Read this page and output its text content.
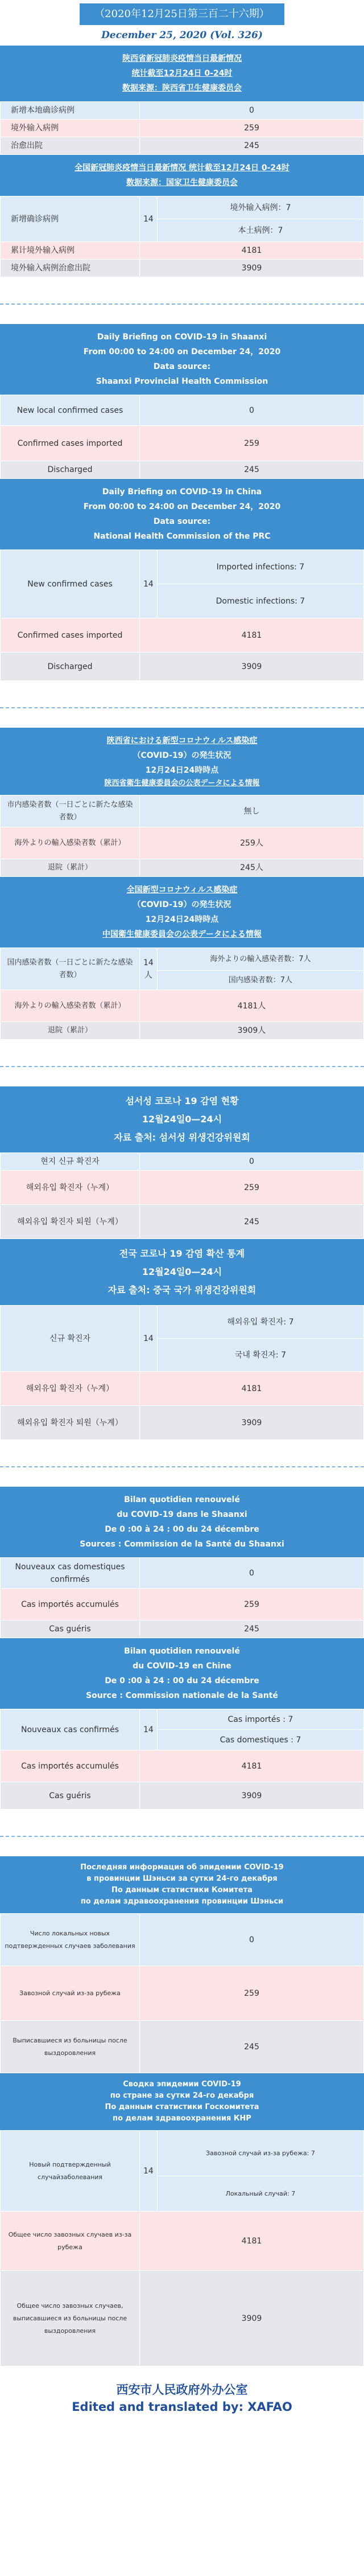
（2020年12月25日第三百二十六期）
December 25, 2020 (Vol. 326)
陕西省新冠肺炎疫情当日最新情况
统计截至12月24日 0-24时
数据来源：陕西省卫生健康委员会
新增本地确诊病例	0
境外输入病例	259
治愈出院	245
全国新冠肺炎疫情当日最新情况 统计截至12月24日 0-24时
数据来源：国家卫生健康委员会
新增确诊病例	14	境外输入病例：7
		本土病例：7
累计境外输入病例	4181	
境外输入病例治愈出院	3909	
Daily Briefing on COVID-19 in Shaanxi
From 00:00 to 24:00 on December 24，2020
Data source:
Shaanxi Provincial Health Commission
New local confirmed cases	0
Confirmed cases imported	259
Discharged	245
Daily Briefing on COVID-19 in China
From 00:00 to 24:00 on December 24，2020
Data source:
National Health Commission of the PRC
New confirmed cases	14	Imported infections: 7
		Domestic infections: 7
Confirmed cases imported	4181	
Discharged	3909	
陝西省における新型コロナウィルス感染症
（COVID-19）の発生状況
12月24日24時時点
陝西省衛生健康委員会の公表データによる情報
市内感染者数（一日ごとに新たな感染者数）	無し
海外よりの輸入感染者数（累計）	259人
退院（累計）	245人
全国新型コロナウィルス感染症
（COVID-19）の発生状況
12月24日24時時点
中国衛生健康委員会の公表データによる情報
国内感染者数（一日ごとに新たな感染者数）	14人	海外よりの輸入感染者数：7人
		国内感染者数：7人
海外よりの輸入感染者数（累計）	4181人	
退院（累計）	3909人	
섬서성 코로나 19 감염 현황
12월24일0—24시
자료 출처: 섬서성 위생건강위원회
현지 신규 확진자	0
해외유입 확진자（누계）	259
해외유입 확진자 퇴원（누계）	245
전국 코로나 19 감염 확산 통계
12월24일0—24시
자료 출처: 중국 국가 위생건강위원회
신규 확진자	14	해외유입 확진자: 7
		국내 확진자: 7
해외유입 확진자（누계）	4181	
해외유입 확진자 퇴원（누계）	3909	
Bilan quotidien renouvelé
du COVID-19 dans le Shaanxi
De 0 :00 à 24 : 00 du 24 décembre
Sources : Commission de la Santé du Shaanxi
Nouveaux cas domestiques confirmés	0
Cas importés accumulés	259
Cas guéris	245
Bilan quotidien renouvelé
du COVID-19 en Chine
De 0 :00 à 24 : 00 du 24 décembre
Source : Commission nationale de la Santé
Nouveaux cas confirmés	14	Cas importés : 7
		Cas domestiques : 7
Cas importés accumulés	4181	
Cas guéris	3909	
Последняя информация об эпидемии COVID-19
в провинции Шэньси за сутки 24-го декабря
По данным статистики Комитета
по делам здравоохранения провинции Шэньси
Число локальных новых подтвержденных случаев заболевания	0
Завозной случай из-за рубежа	259
Выписавшиеся из больницы после выздоровления	245
Сводка эпидемии COVID-19
по стране за сутки 24-го декабря
По данным статистики Госкомитета
по делам здравоохранения КНР
Новый подтвержденный случайзаболевания	14	Завозной случай из-за рубежа: 7
		Локальный случай: 7
Общее число завозных случаев из-за рубежа	4181	
Общее число завозных случаев, выписавшиеся из больницы после выздоровления	3909	
西安市人民政府外办公室
Edited and translated by: XAFAO
